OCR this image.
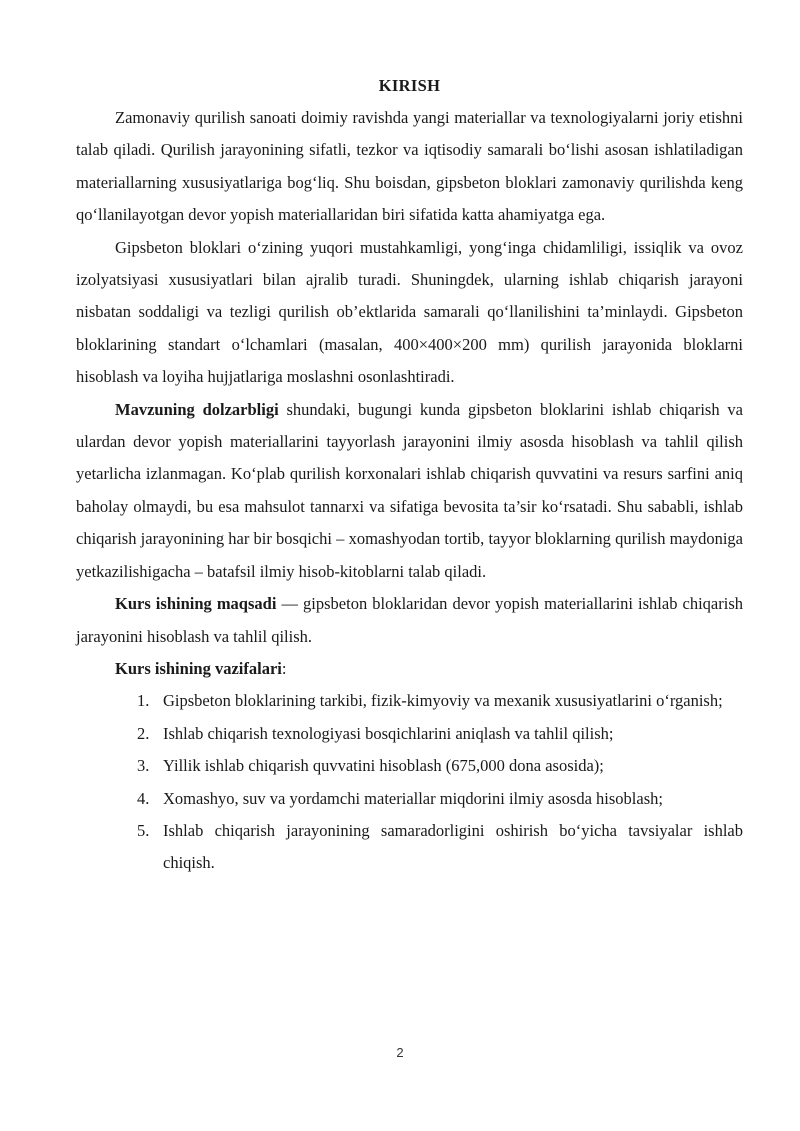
KIRISH

Zamonaviy qurilish sanoati doimiy ravishda yangi materiallar va texnologiyalarni joriy etishni talab qiladi. Qurilish jarayonining sifatli, tezkor va iqtisodiy samarali bo‘lishi asosan ishlatiladigan materiallarning xususiyatlariga bog‘liq. Shu boisdan, gipsbeton bloklari zamonaviy qurilishda keng qo‘llanilayotgan devor yopish materiallaridan biri sifatida katta ahamiyatga ega.

Gipsbeton bloklari o‘zining yuqori mustahkamligi, yong‘inga chidamliligi, issiqlik va ovoz izolyatsiyasi xususiyatlari bilan ajralib turadi. Shuningdek, ularning ishlab chiqarish jarayoni nisbatan soddaligi va tezligi qurilish ob’ektlarida samarali qo‘llanilishini ta’minlaydi. Gipsbeton bloklarining standart o‘lchamlari (masalan, 400×400×200 mm) qurilish jarayonida bloklarni hisoblash va loyiha hujjatlariga moslashni osonlashtiradi.

Mavzuning dolzarbligi shundaki, bugungi kunda gipsbeton bloklarini ishlab chiqarish va ulardan devor yopish materiallarini tayyorlash jarayonini ilmiy asosda hisoblash va tahlil qilish yetarlicha izlanmagan. Ko‘plab qurilish korxonalari ishlab chiqarish quvvatini va resurs sarfini aniq baholay olmaydi, bu esa mahsulot tannarxi va sifatiga bevosita ta’sir ko‘rsatadi. Shu sababli, ishlab chiqarish jarayonining har bir bosqichi – xomashyodan tortib, tayyor bloklarning qurilish maydoniga yetkazilishigacha – batafsil ilmiy hisob-kitoblarni talab qiladi.

Kurs ishining maqsadi — gipsbeton bloklaridan devor yopish materiallarini ishlab chiqarish jarayonini hisoblash va tahlil qilish.

Kurs ishining vazifalari:

1. Gipsbeton bloklarining tarkibi, fizik-kimyoviy va mexanik xususiyatlarini o‘rganish;
2. Ishlab chiqarish texnologiyasi bosqichlarini aniqlash va tahlil qilish;
3. Yillik ishlab chiqarish quvvatini hisoblash (675,000 dona asosida);
4. Xomashyo, suv va yordamchi materiallar miqdorini ilmiy asosda hisoblash;
5. Ishlab chiqarish jarayonining samaradorligini oshirish bo‘yicha tavsiyalar ishlab chiqish.
2
